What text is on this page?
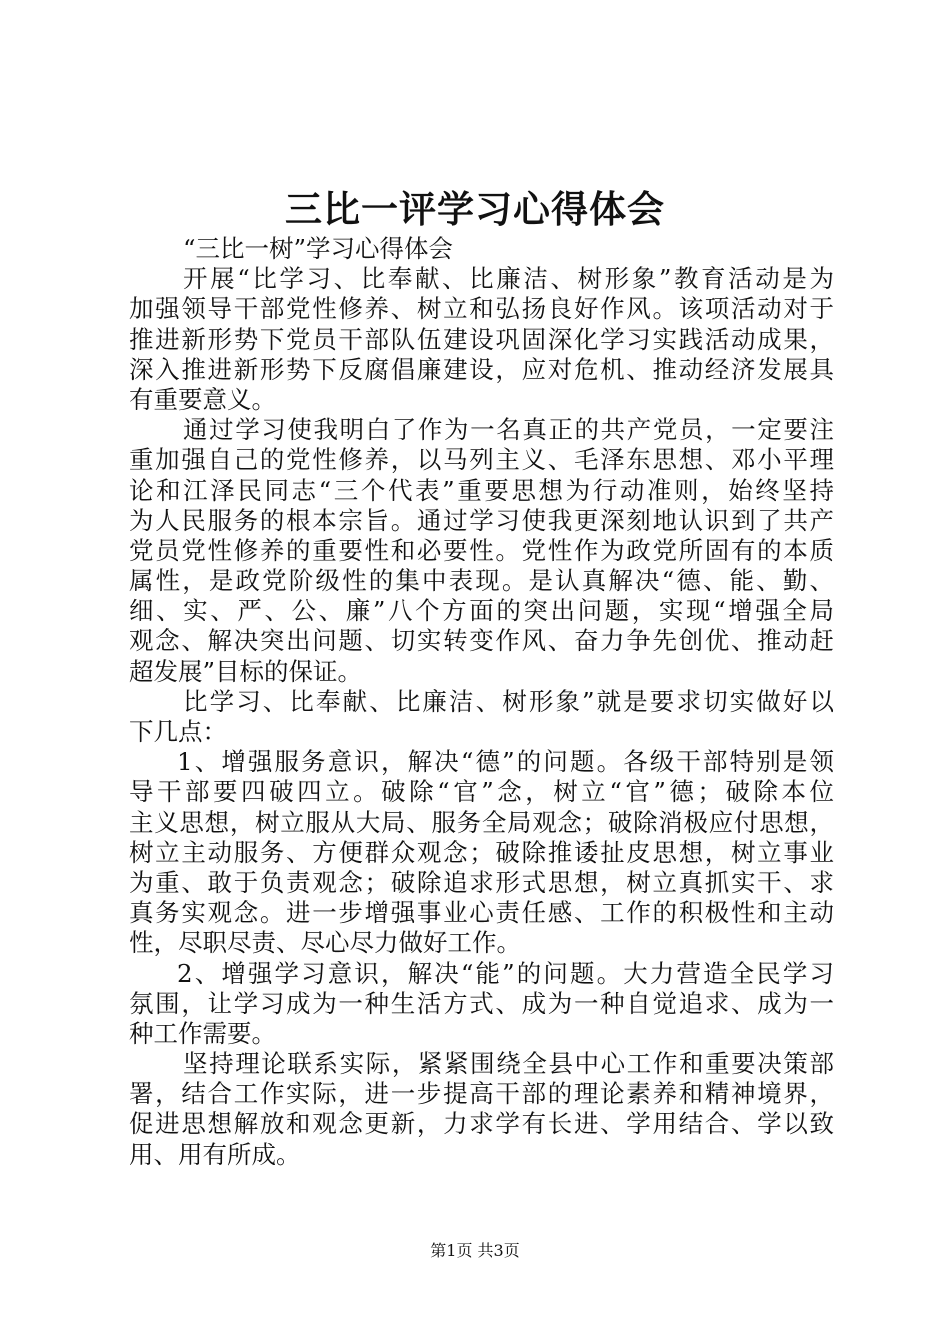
三比一评学习心得体会
“三比一树”学习心得体会
开展“比学习、比奉献、比廉洁、树形象”教育活动是为
加强领导干部党性修养、树立和弘扬良好作风。该项活动对于
推进新形势下党员干部队伍建设巩固深化学习实践活动成果，
深入推进新形势下反腐倡廉建设，应对危机、推动经济发展具
有重要意义。
通过学习使我明白了作为一名真正的共产党员，一定要注
重加强自己的党性修养，以马列主义、毛泽东思想、邓小平理
论和江泽民同志“三个代表”重要思想为行动准则，始终坚持
为人民服务的根本宗旨。通过学习使我更深刻地认识到了共产
党员党性修养的重要性和必要性。党性作为政党所固有的本质
属性，是政党阶级性的集中表现。是认真解决“德、能、勤、
细、实、严、公、廉”八个方面的突出问题，实现“增强全局
观念、解决突出问题、切实转变作风、奋力争先创优、推动赶
超发展”目标的保证。
比学习、比奉献、比廉洁、树形象”就是要求切实做好以
下几点：
1、增强服务意识，解决“德”的问题。各级干部特别是领
导干部要四破四立。破除“官”念，树立“官”德；破除本位
主义思想，树立服从大局、服务全局观念；破除消极应付思想，
树立主动服务、方便群众观念；破除推诿扯皮思想，树立事业
为重、敢于负责观念；破除追求形式思想，树立真抓实干、求
真务实观念。进一步增强事业心责任感、工作的积极性和主动
性，尽职尽责、尽心尽力做好工作。
2、增强学习意识，解决“能”的问题。大力营造全民学习
氛围，让学习成为一种生活方式、成为一种自觉追求、成为一
种工作需要。
坚持理论联系实际，紧紧围绕全县中心工作和重要决策部
署，结合工作实际，进一步提高干部的理论素养和精神境界，
促进思想解放和观念更新，力求学有长进、学用结合、学以致
用、用有所成。
第1页 共3页
